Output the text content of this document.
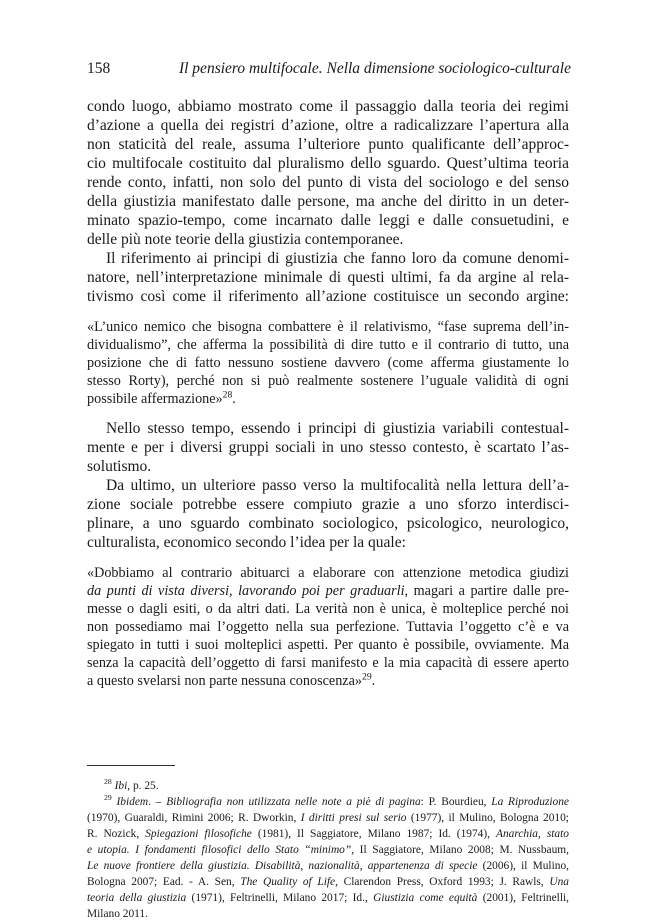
158	Il pensiero multifocale. Nella dimensione sociologico-culturale
condo luogo, abbiamo mostrato come il passaggio dalla teoria dei regimi
d’azione a quella dei registri d’azione, oltre a radicalizzare l’apertura alla
non staticità del reale, assuma l’ulteriore punto qualificante dell’approc-
cio multifocale costituito dal pluralismo dello sguardo. Quest’ultima teoria
rende conto, infatti, non solo del punto di vista del sociologo e del senso
della giustizia manifestato dalle persone, ma anche del diritto in un deter-
minato spazio-tempo, come incarnato dalle leggi e dalle consuetudini, e
delle più note teorie della giustizia contemporanee.
Il riferimento ai principi di giustizia che fanno loro da comune denomi-
natore, nell’interpretazione minimale di questi ultimi, fa da argine al rela-
tivismo così come il riferimento all’azione costituisce un secondo argine:
«L’unico nemico che bisogna combattere è il relativismo, “fase suprema dell’in-
dividualismo”, che afferma la possibilità di dire tutto e il contrario di tutto, una
posizione che di fatto nessuno sostiene davvero (come afferma giustamente lo
stesso Rorty), perché non si può realmente sostenere l’uguale validità di ogni
possibile affermazione»$^{28}$.
Nello stesso tempo, essendo i principi di giustizia variabili contestual-
mente e per i diversi gruppi sociali in uno stesso contesto, è scartato l’as-
solutismo.
Da ultimo, un ulteriore passo verso la multifocalità nella lettura dell’a-
zione sociale potrebbe essere compiuto grazie a uno sforzo interdisci-
plinare, a uno sguardo combinato sociologico, psicologico, neurologico,
culturalista, economico secondo l’idea per la quale:
«Dobbiamo al contrario abituarci a elaborare con attenzione metodica giudizi
da punti di vista diversi, lavorando poi per graduarli, magari a partire dalle pre-
messe o dagli esiti, o da altri dati. La verità non è unica, è molteplice perché noi
non possediamo mai l’oggetto nella sua perfezione. Tuttavia l’oggetto c’è e va
spiegato in tutti i suoi molteplici aspetti. Per quanto è possibile, ovviamente. Ma
senza la capacità dell’oggetto di farsi manifesto e la mia capacità di essere aperto
a questo svelarsi non parte nessuna conoscenza»$^{29}$.
$^{28}$ Ibi, p. 25.
$^{29}$ Ibidem. – Bibliografia non utilizzata nelle note a piè di pagina: P. Bourdieu, La Riproduzione
(1970), Guaraldi, Rimini 2006; R. Dworkin, I diritti presi sul serio (1977), il Mulino, Bologna 2010;
R. Nozick, Spiegazioni filosofiche (1981), Il Saggiatore, Milano 1987; Id. (1974), Anarchia, stato
e utopia. I fondamenti filosofici dello Stato “minimo”, Il Saggiatore, Milano 2008; M. Nussbaum,
Le nuove frontiere della giustizia. Disabilità, nazionalità, appartenenza di specie (2006), il Mulino,
Bologna 2007; Ead. - A. Sen, The Quality of Life, Clarendon Press, Oxford 1993; J. Rawls, Una
teoria della giustizia (1971), Feltrinelli, Milano 2017; Id., Giustizia come equità (2001), Feltrinelli,
Milano 2011.
